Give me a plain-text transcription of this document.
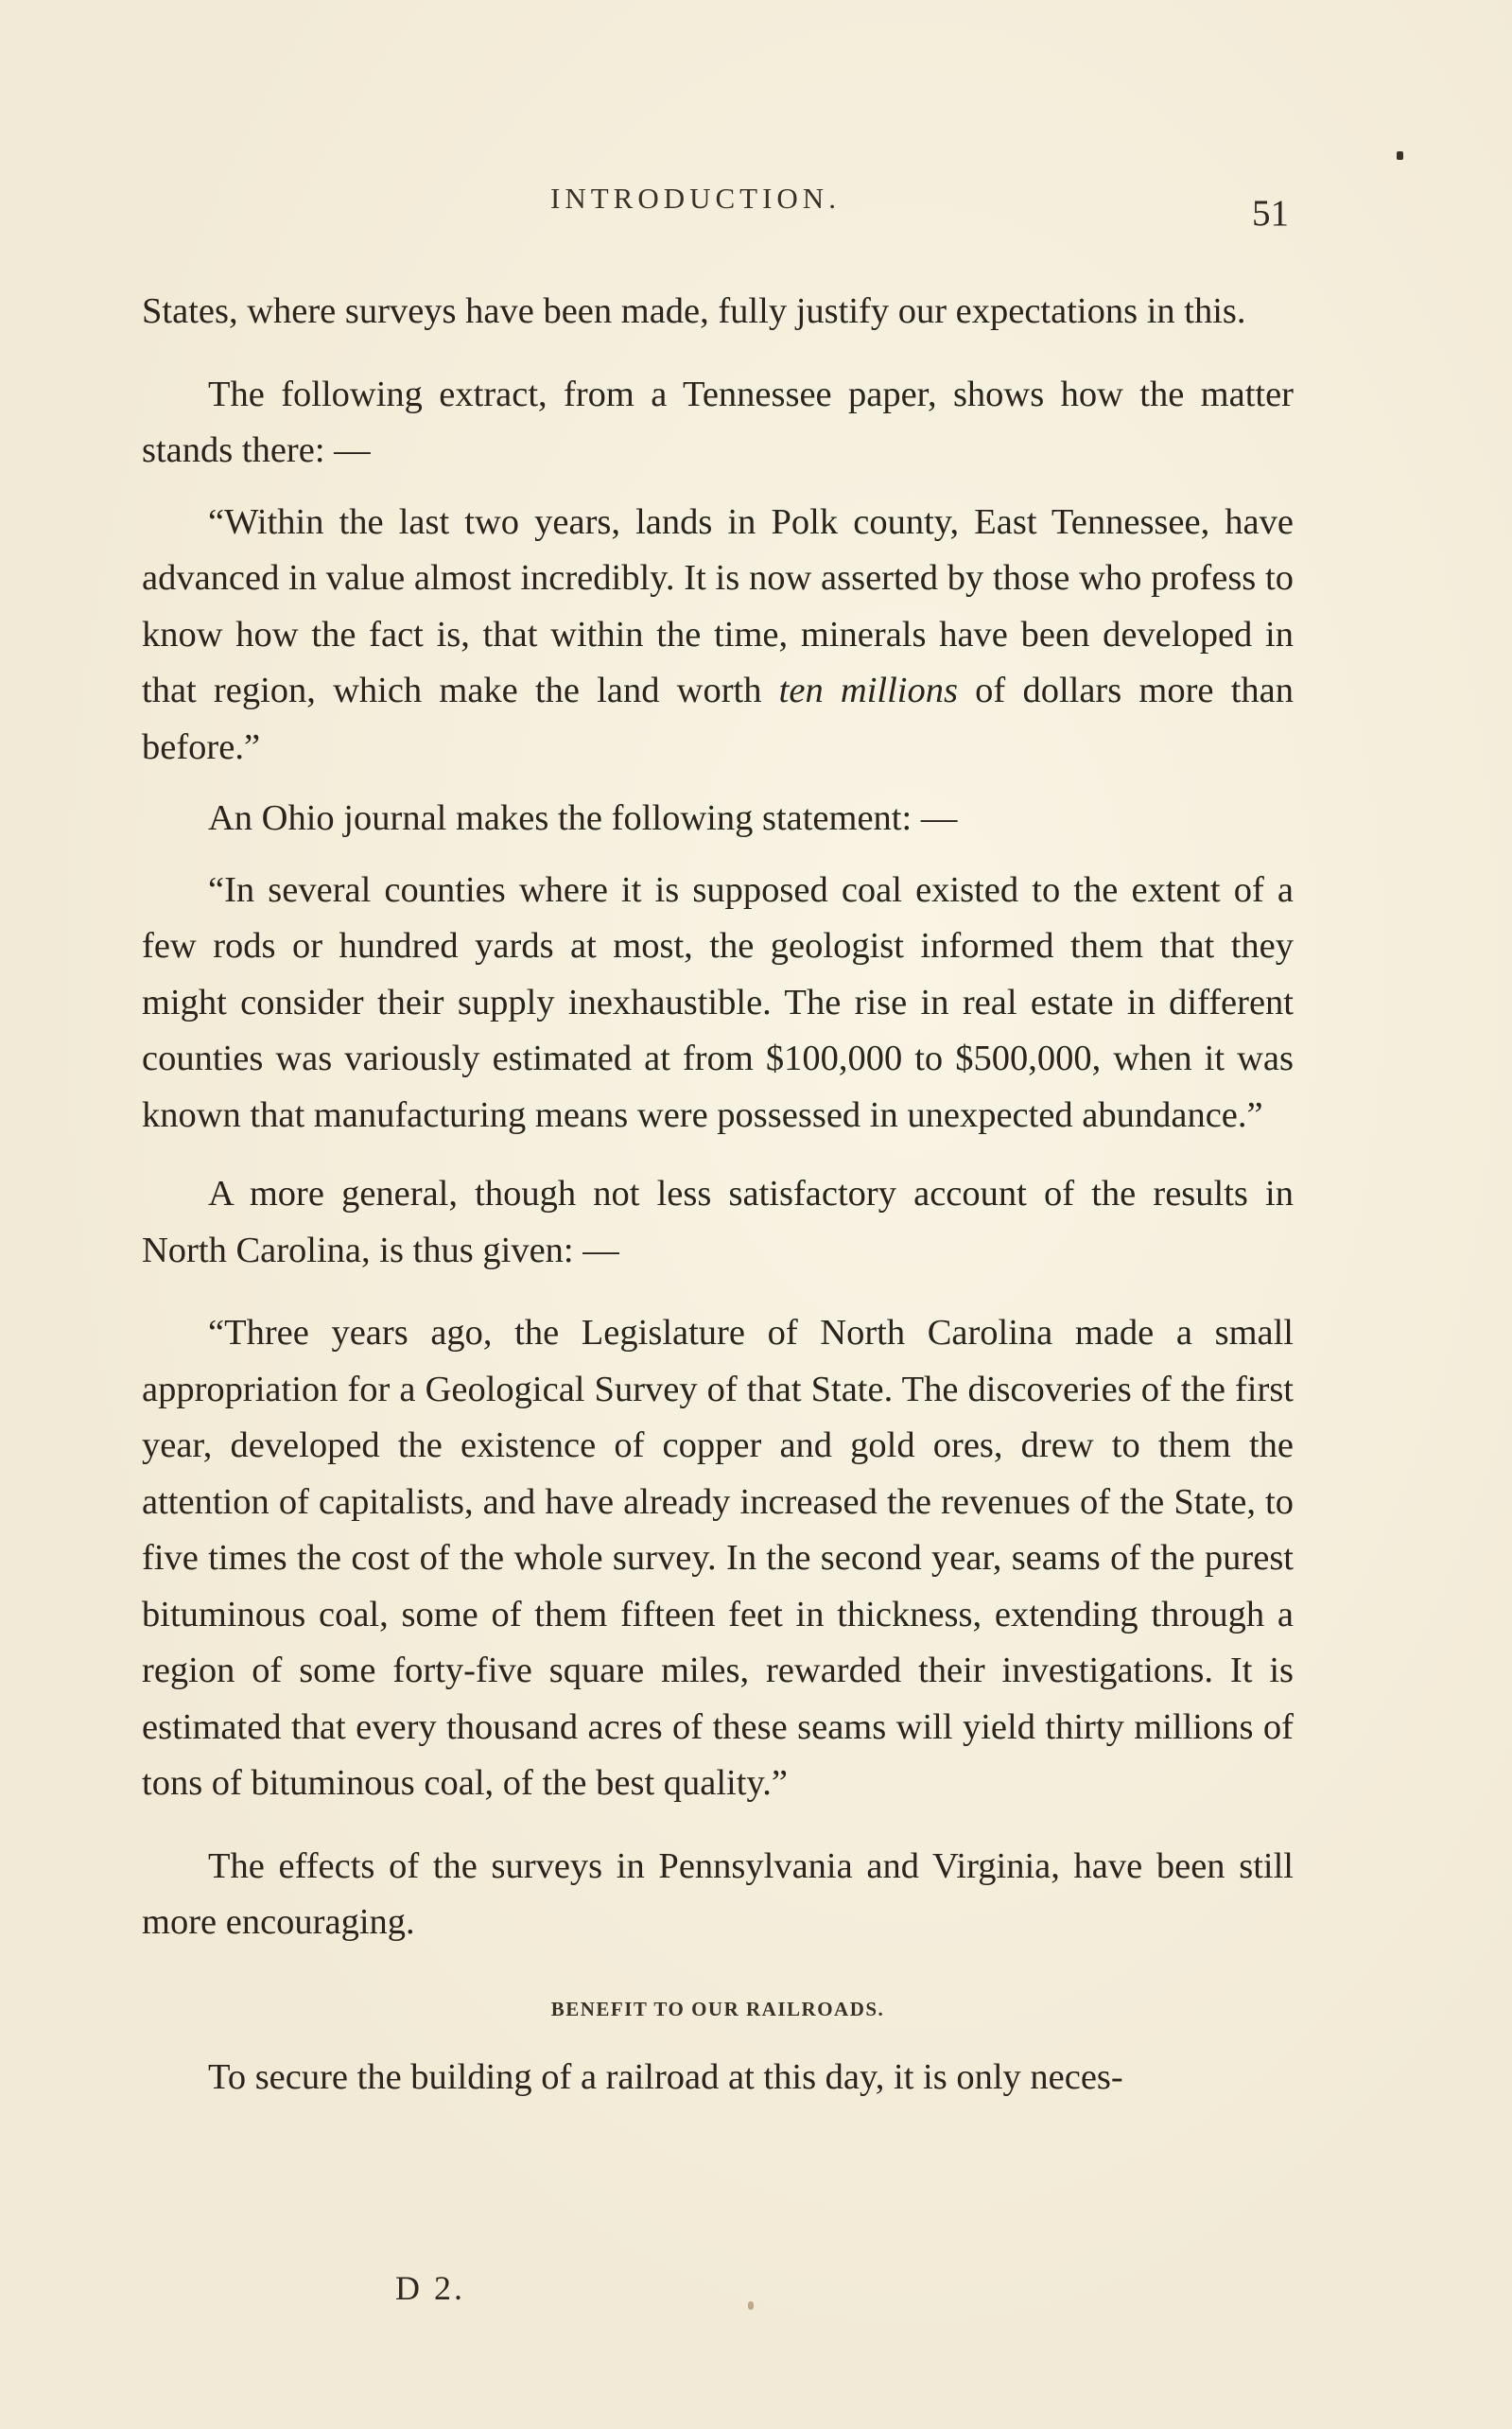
INTRODUCTION.	51

States, where surveys have been made, fully justify our expectations in this.

The following extract, from a Tennessee paper, shows how the matter stands there: —

“Within the last two years, lands in Polk county, East Tennessee, have advanced in value almost incredibly. It is now asserted by those who profess to know how the fact is, that within the time, minerals have been developed in that region, which make the land worth ten millions of dollars more than before.”

An Ohio journal makes the following statement: —

“In several counties where it is supposed coal existed to the extent of a few rods or hundred yards at most, the geologist informed them that they might consider their supply inexhaustible. The rise in real estate in different counties was variously estimated at from $100,000 to $500,000, when it was known that manufacturing means were possessed in unexpected abundance.”

A more general, though not less satisfactory account of the results in North Carolina, is thus given: —

“Three years ago, the Legislature of North Carolina made a small appropriation for a Geological Survey of that State. The discoveries of the first year, developed the existence of copper and gold ores, drew to them the attention of capitalists, and have already increased the revenues of the State, to five times the cost of the whole survey. In the second year, seams of the purest bituminous coal, some of them fifteen feet in thickness, extending through a region of some forty-five square miles, rewarded their investigations. It is estimated that every thousand acres of these seams will yield thirty millions of tons of bituminous coal, of the best quality.”

The effects of the surveys in Pennsylvania and Virginia, have been still more encouraging.

BENEFIT TO OUR RAILROADS.

To secure the building of a railroad at this day, it is only neces-

D 2.
